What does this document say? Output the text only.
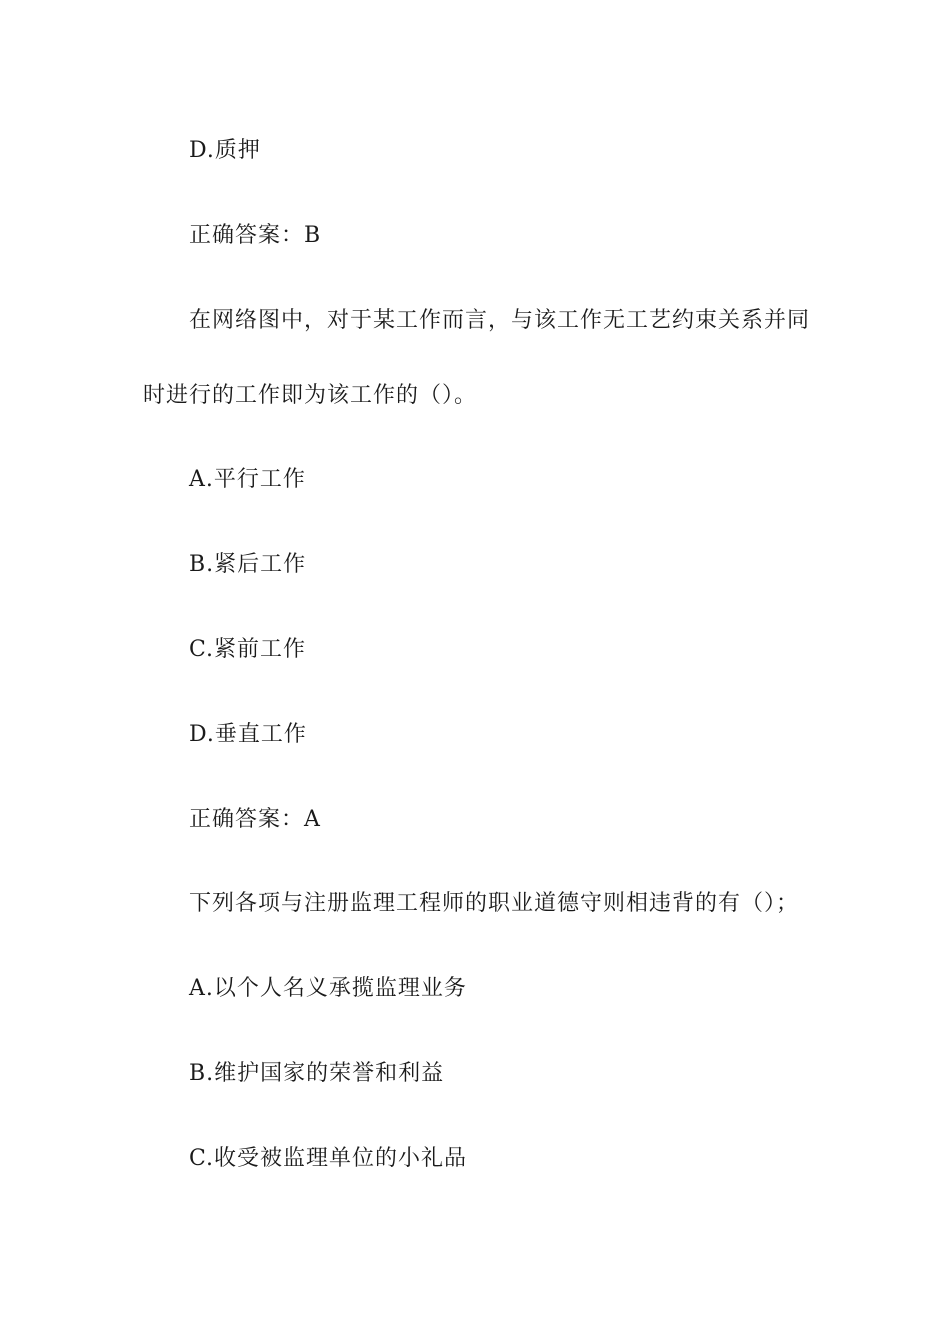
D.质押
正确答案：B
在网络图中，对于某工作而言，与该工作无工艺约束关系并同
时进行的工作即为该工作的（）。
A.平行工作
B.紧后工作
C.紧前工作
D.垂直工作
正确答案：A
下列各项与注册监理工程师的职业道德守则相违背的有（）；
A.以个人名义承揽监理业务
B.维护国家的荣誉和利益
C.收受被监理单位的小礼品
